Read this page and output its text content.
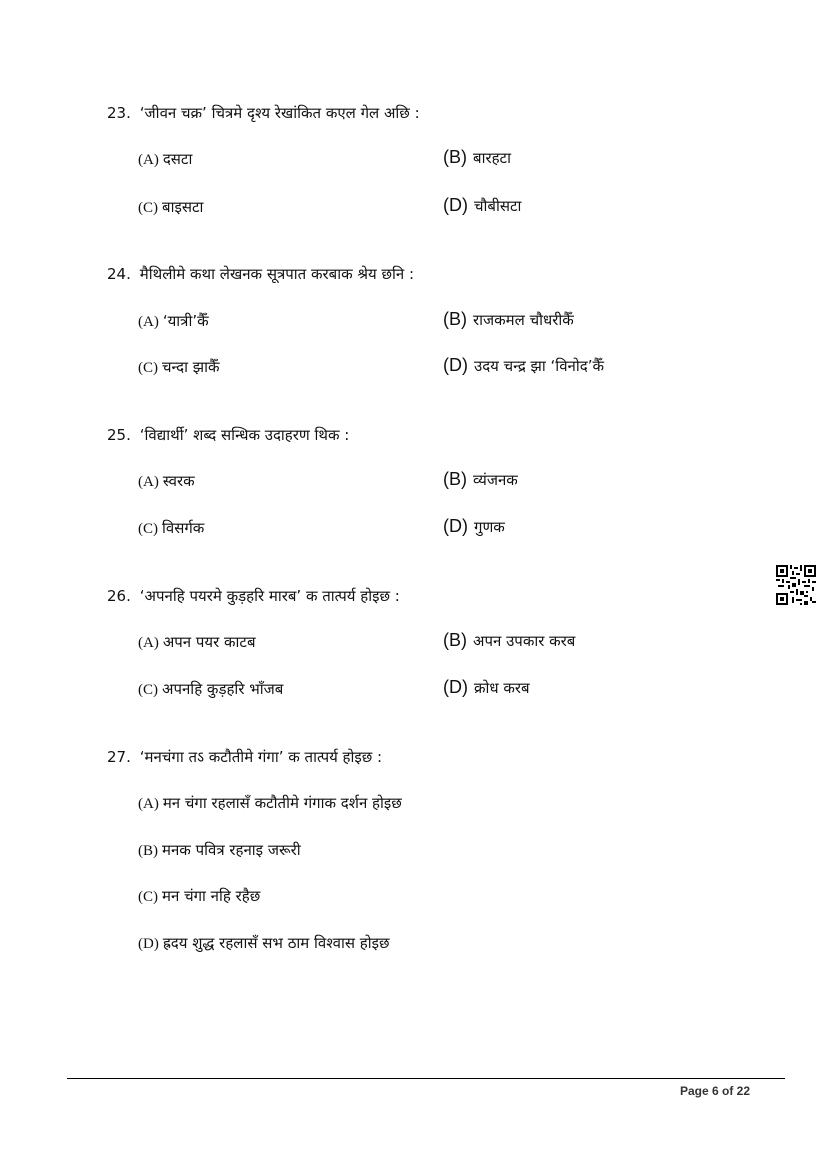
23. ‘जीवन चक्र’ चित्रमे दृश्य रेखांकित कएल गेल अछि :
(A) दसटा	(B) बारहटा
(C) बाइसटा	(D) चौबीसटा
24. मैथिलीमे कथा लेखनक सूत्रपात करबाक श्रेय छनि :
(A) ‘यात्री’कैँ	(B) राजकमल चौधरीकैँ
(C) चन्दा झाकैँ	(D) उदय चन्द्र झा ‘विनोद’कैँ
25. ‘विद्यार्थी’ शब्द सन्धिक उदाहरण थिक :
(A) स्वरक	(B) व्यंजनक
(C) विसर्गक	(D) गुणक
26. ‘अपनहि पयरमे कुड़हरि मारब’ क तात्पर्य होइछ :
(A) अपन पयर काटब	(B) अपन उपकार करब
(C) अपनहि कुड़हरि भाँजब	(D) क्रोध करब
27. ‘मनचंगा तऽ कटौतीमे गंगा’ क तात्पर्य होइछ :
(A) मन चंगा रहलासँ कटौतीमे गंगाक दर्शन होइछ
(B) मनक पवित्र रहनाइ जरूरी
(C) मन चंगा नहि रहैछ
(D) ह्रदय शुद्ध रहलासँ सभ ठाम विश्वास होइछ
Page 6 of 22
